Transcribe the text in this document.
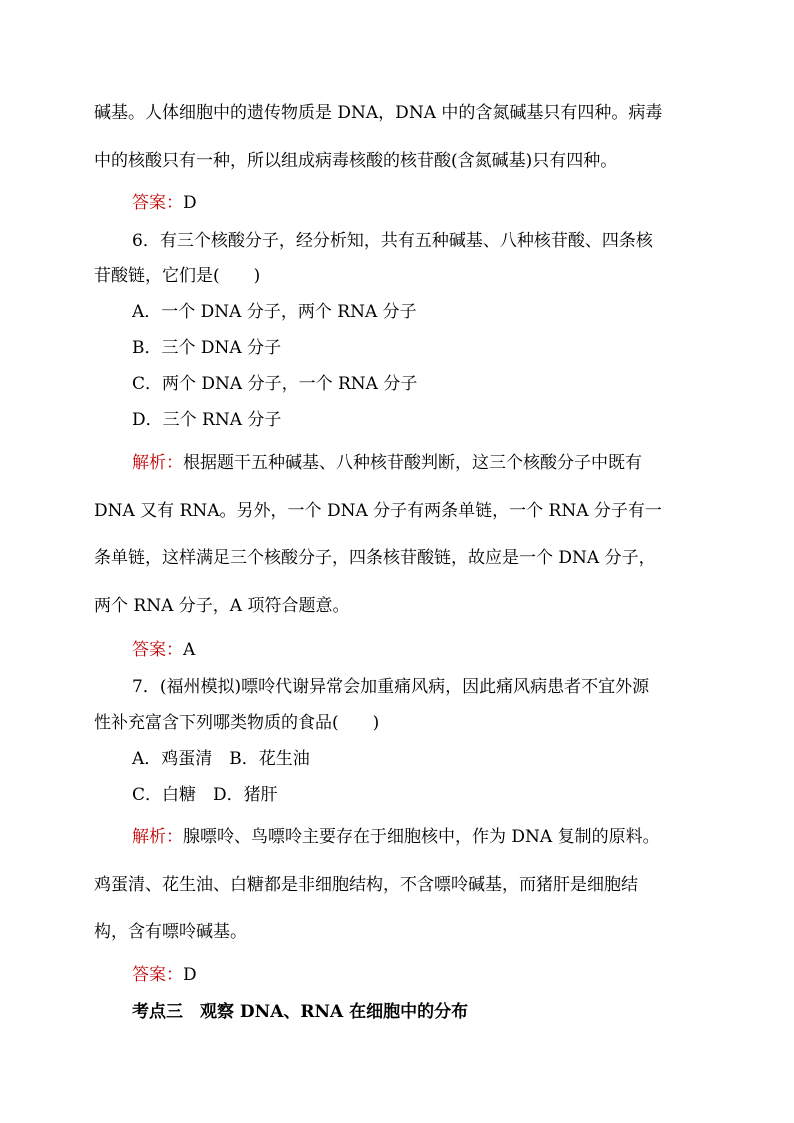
碱基。人体细胞中的遗传物质是 DNA，DNA 中的含氮碱基只有四种。病毒
中的核酸只有一种，所以组成病毒核酸的核苷酸(含氮碱基)只有四种。
答案：D
6．有三个核酸分子，经分析知，共有五种碱基、八种核苷酸、四条核
苷酸链，它们是(　　)
A．一个 DNA 分子，两个 RNA 分子
B．三个 DNA 分子
C．两个 DNA 分子，一个 RNA 分子
D．三个 RNA 分子
解析：根据题干五种碱基、八种核苷酸判断，这三个核酸分子中既有
DNA 又有 RNA。另外，一个 DNA 分子有两条单链，一个 RNA 分子有一
条单链，这样满足三个核酸分子，四条核苷酸链，故应是一个 DNA 分子，
两个 RNA 分子，A 项符合题意。
答案：A
7．(福州模拟)嘌呤代谢异常会加重痛风病，因此痛风病患者不宜外源
性补充富含下列哪类物质的食品(　　)
A．鸡蛋清　B．花生油
C．白糖　D．猪肝
解析：腺嘌呤、鸟嘌呤主要存在于细胞核中，作为 DNA 复制的原料。
鸡蛋清、花生油、白糖都是非细胞结构，不含嘌呤碱基，而猪肝是细胞结
构，含有嘌呤碱基。
答案：D
考点三　观察 DNA、RNA 在细胞中的分布
